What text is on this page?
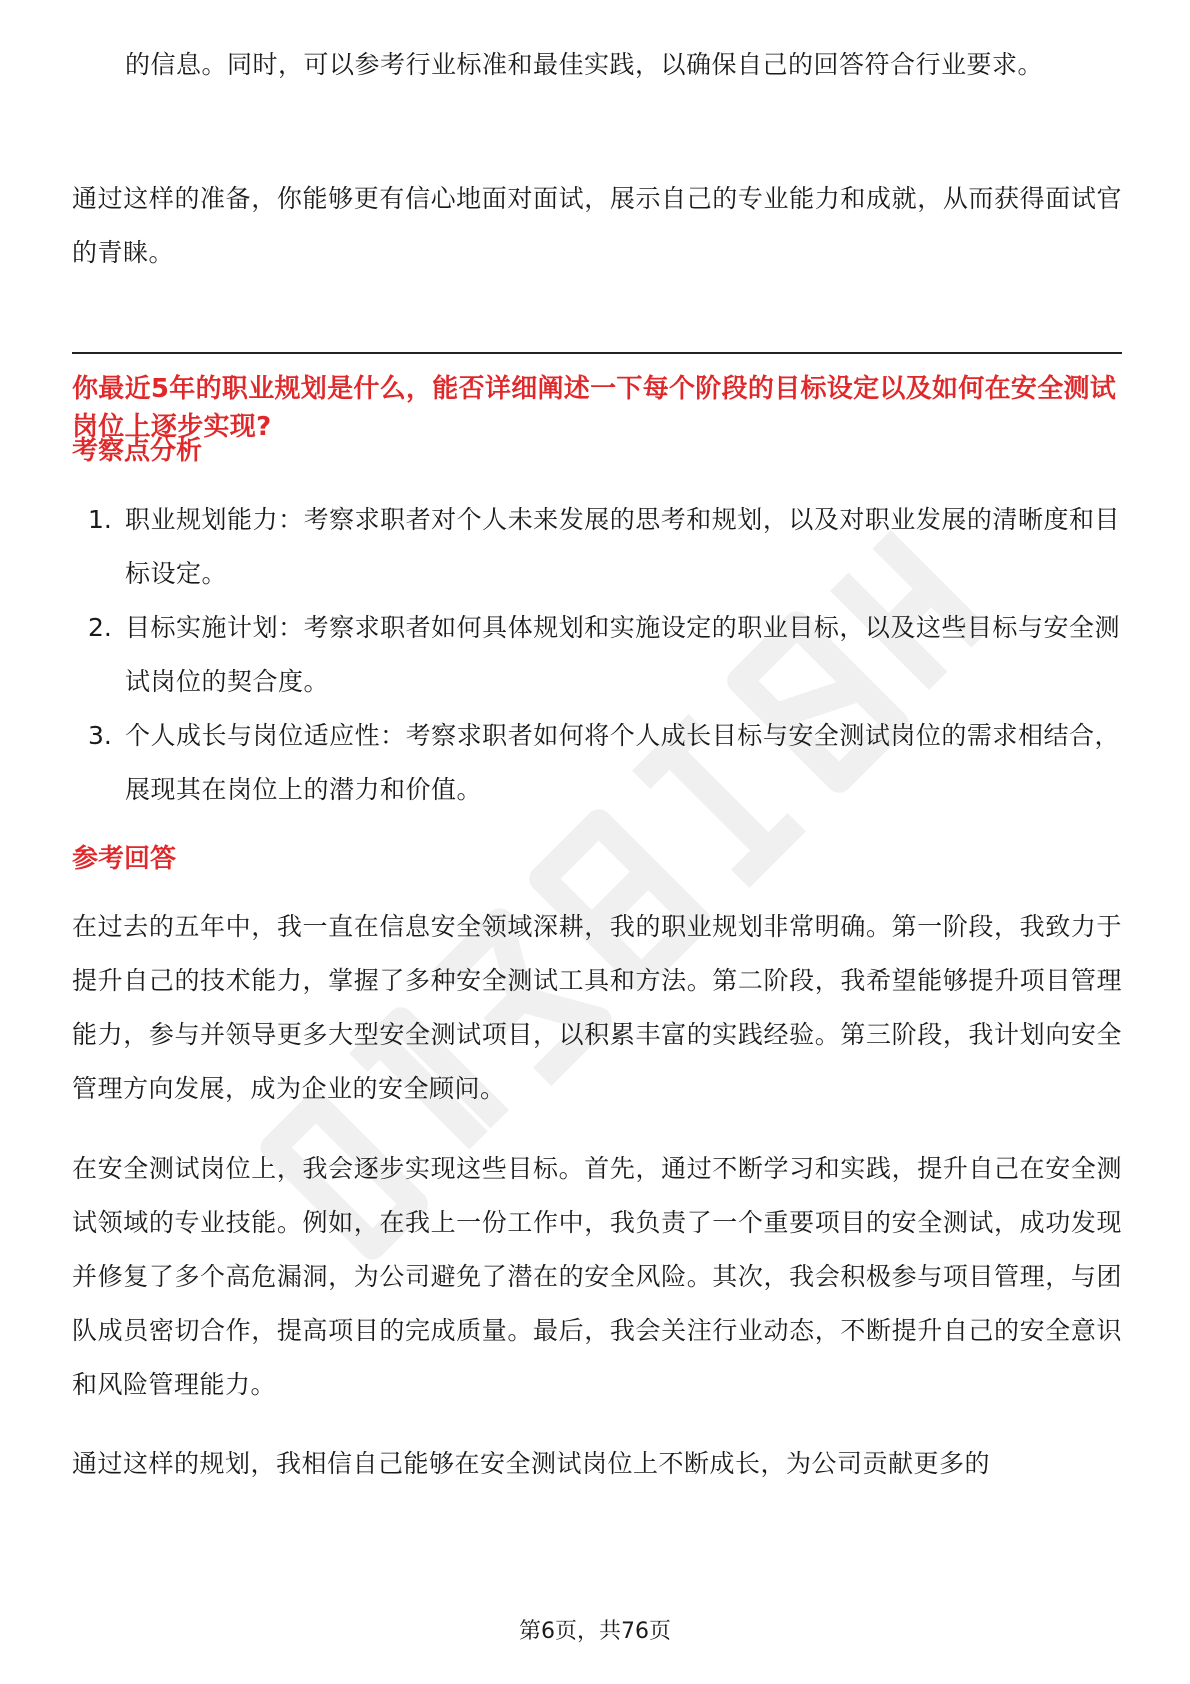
的信息。同时，可以参考行业标准和最佳实践，以确保自己的回答符合行业要求。

通过这样的准备，你能够更有信心地面对面试，展示自己的专业能力和成就，从而获得面试官的青睐。

你最近5年的职业规划是什么，能否详细阐述一下每个阶段的目标设定以及如何在安全测试岗位上逐步实现?
考察点分析
1. 职业规划能力：考察求职者对个人未来发展的思考和规划，以及对职业发展的清晰度和目标设定。

2. 目标实施计划：考察求职者如何具体规划和实施设定的职业目标，以及这些目标与安全测试岗位的契合度。

3. 个人成长与岗位适应性：考察求职者如何将个人成长目标与安全测试岗位的需求相结合，展现其在岗位上的潜力和价值。

参考回答

在过去的五年中，我一直在信息安全领域深耕，我的职业规划非常明确。第一阶段，我致力于提升自己的技术能力，掌握了多种安全测试工具和方法。第二阶段，我希望能够提升项目管理能力，参与并领导更多大型安全测试项目，以积累丰富的实践经验。第三阶段，我计划向安全管理方向发展，成为企业的安全顾问。

在安全测试岗位上，我会逐步实现这些目标。首先，通过不断学习和实践，提升自己在安全测试领域的专业技能。例如，在我上一份工作中，我负责了一个重要项目的安全测试，成功发现并修复了多个高危漏洞，为公司避免了潜在的安全风险。其次，我会积极参与项目管理，与团队成员密切合作，提高项目的完成质量。最后，我会关注行业动态，不断提升自己的安全意识和风险管理能力。

通过这样的规划，我相信自己能够在安全测试岗位上不断成长，为公司贡献更多的

第6页，共76页
